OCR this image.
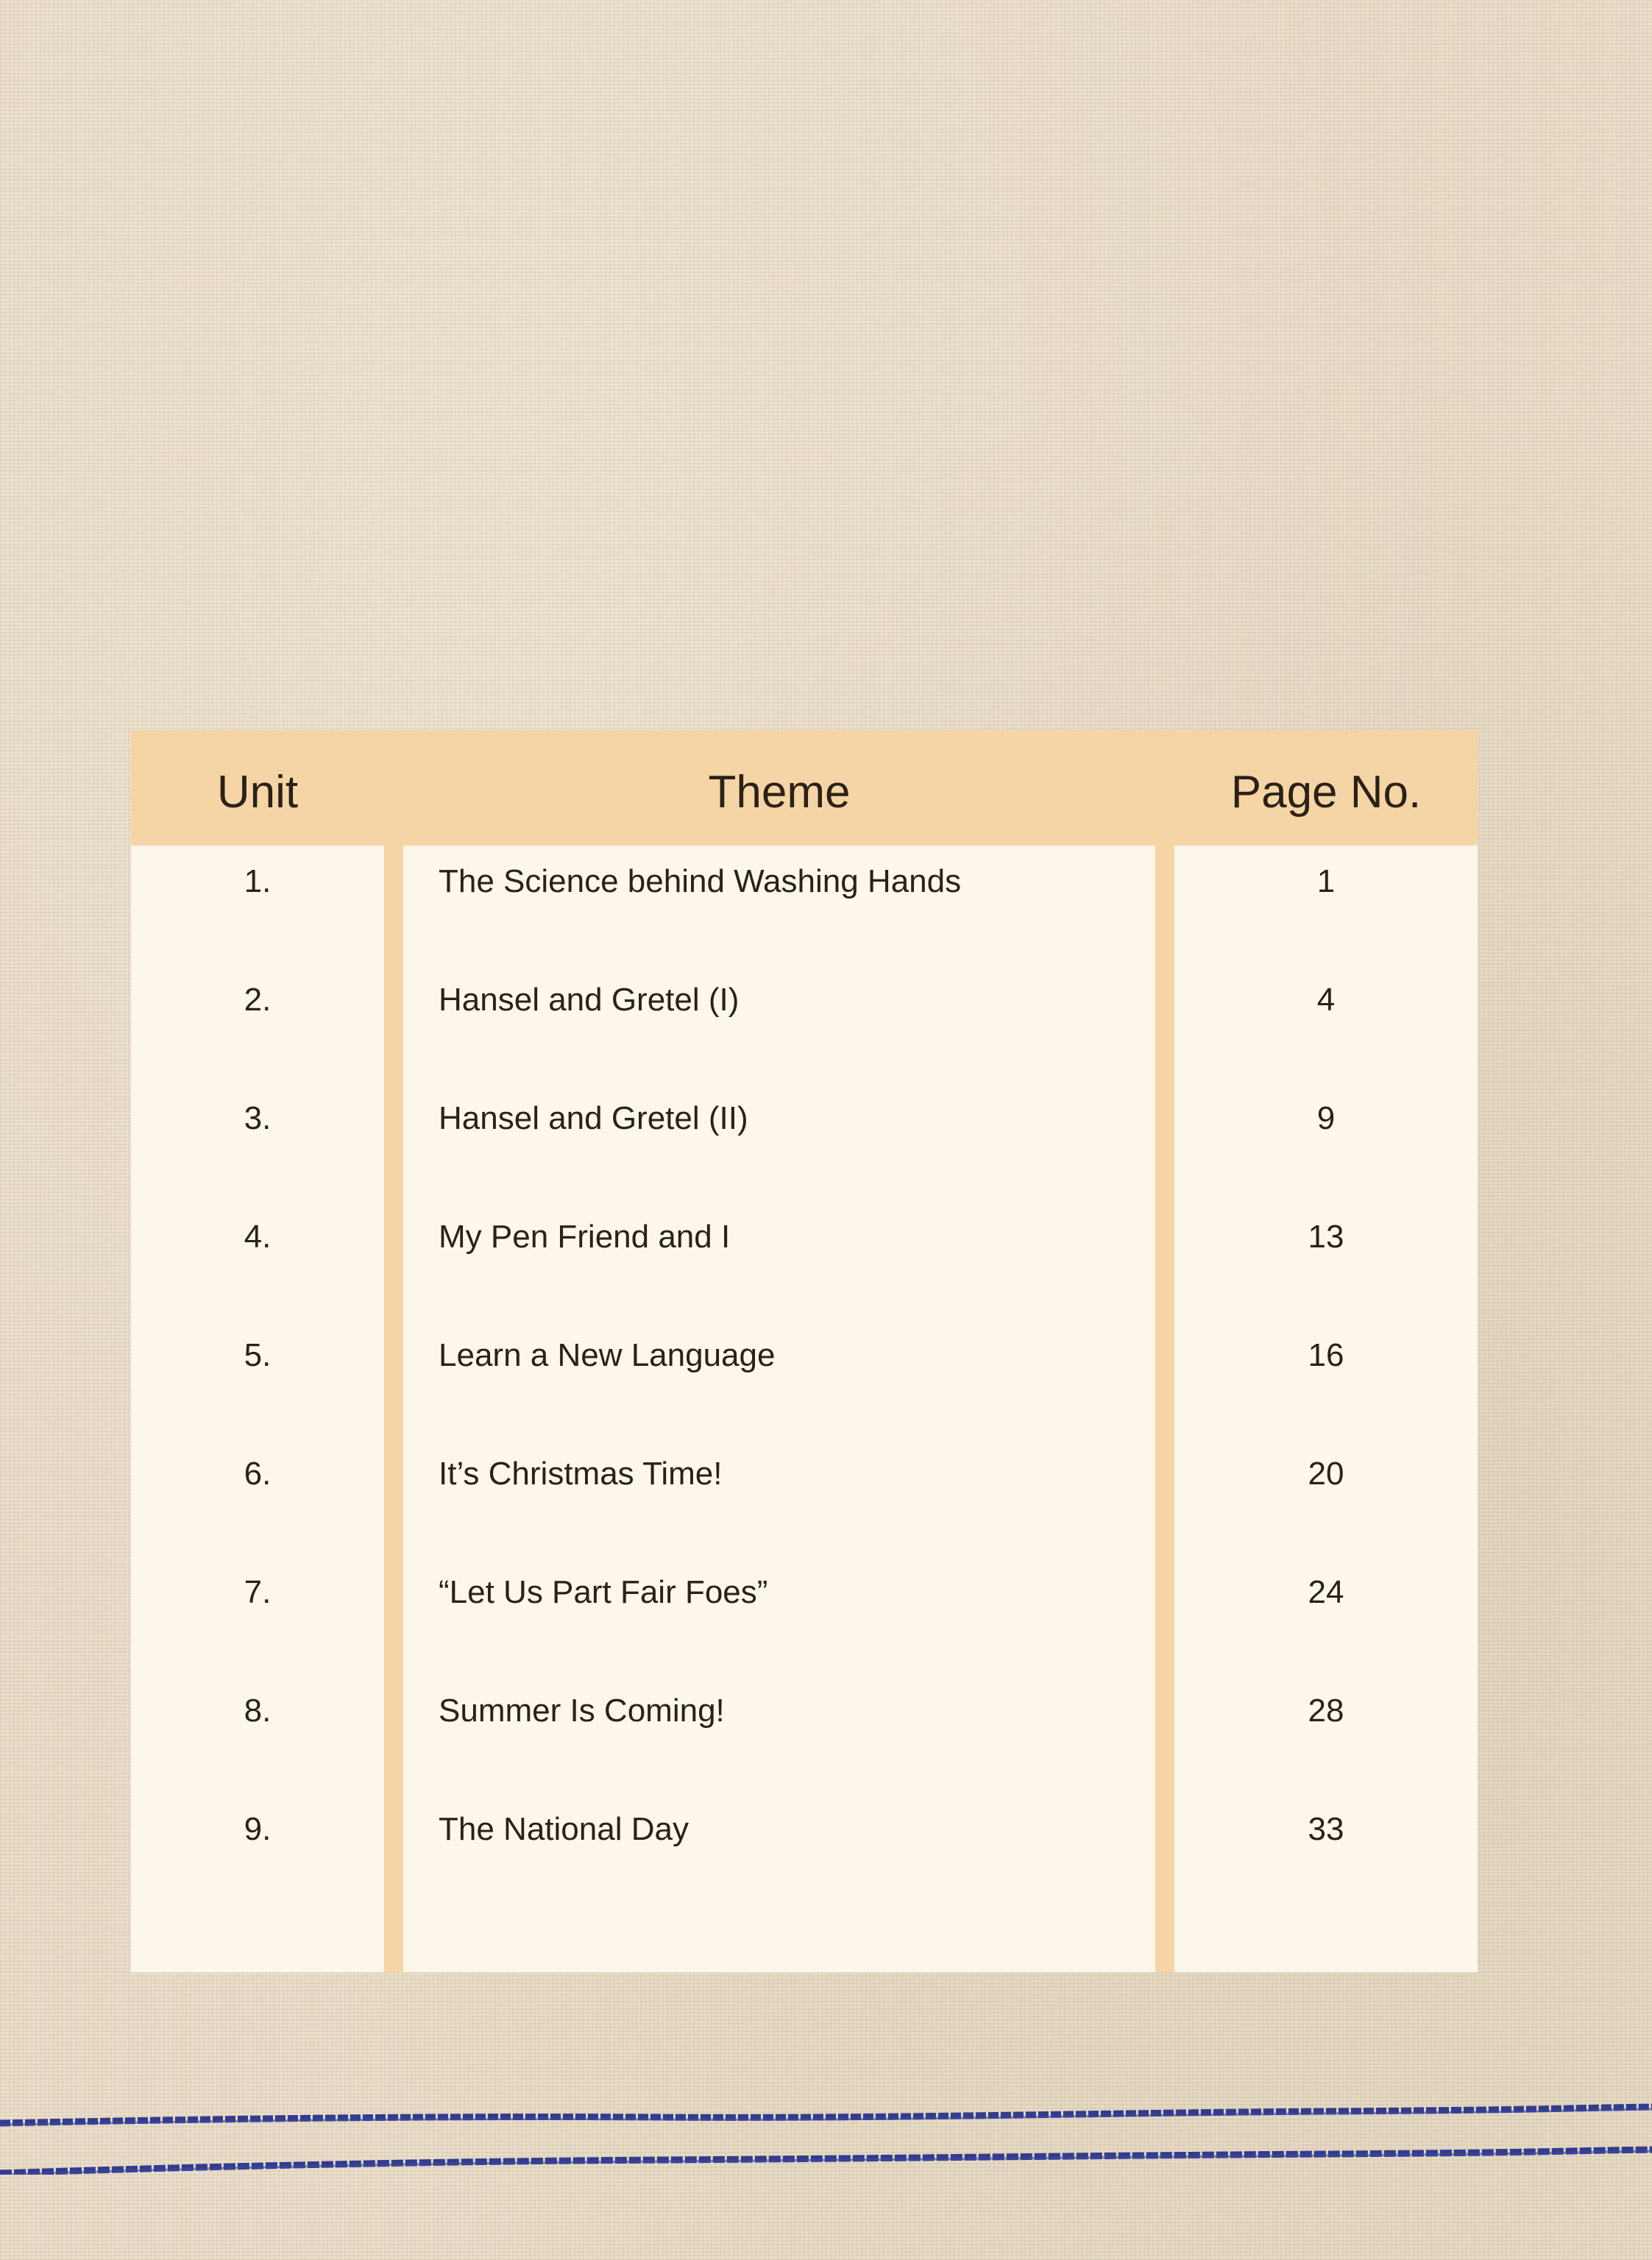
Unit	Theme	Page No.
1.	The Science behind Washing Hands	1
2.	Hansel and Gretel (I)	4
3.	Hansel and Gretel (II)	9
4.	My Pen Friend and I	13
5.	Learn a New Language	16
6.	It’s Christmas Time!	20
7.	“Let Us Part Fair Foes”	24
8.	Summer Is Coming!	28
9.	The National Day	33
